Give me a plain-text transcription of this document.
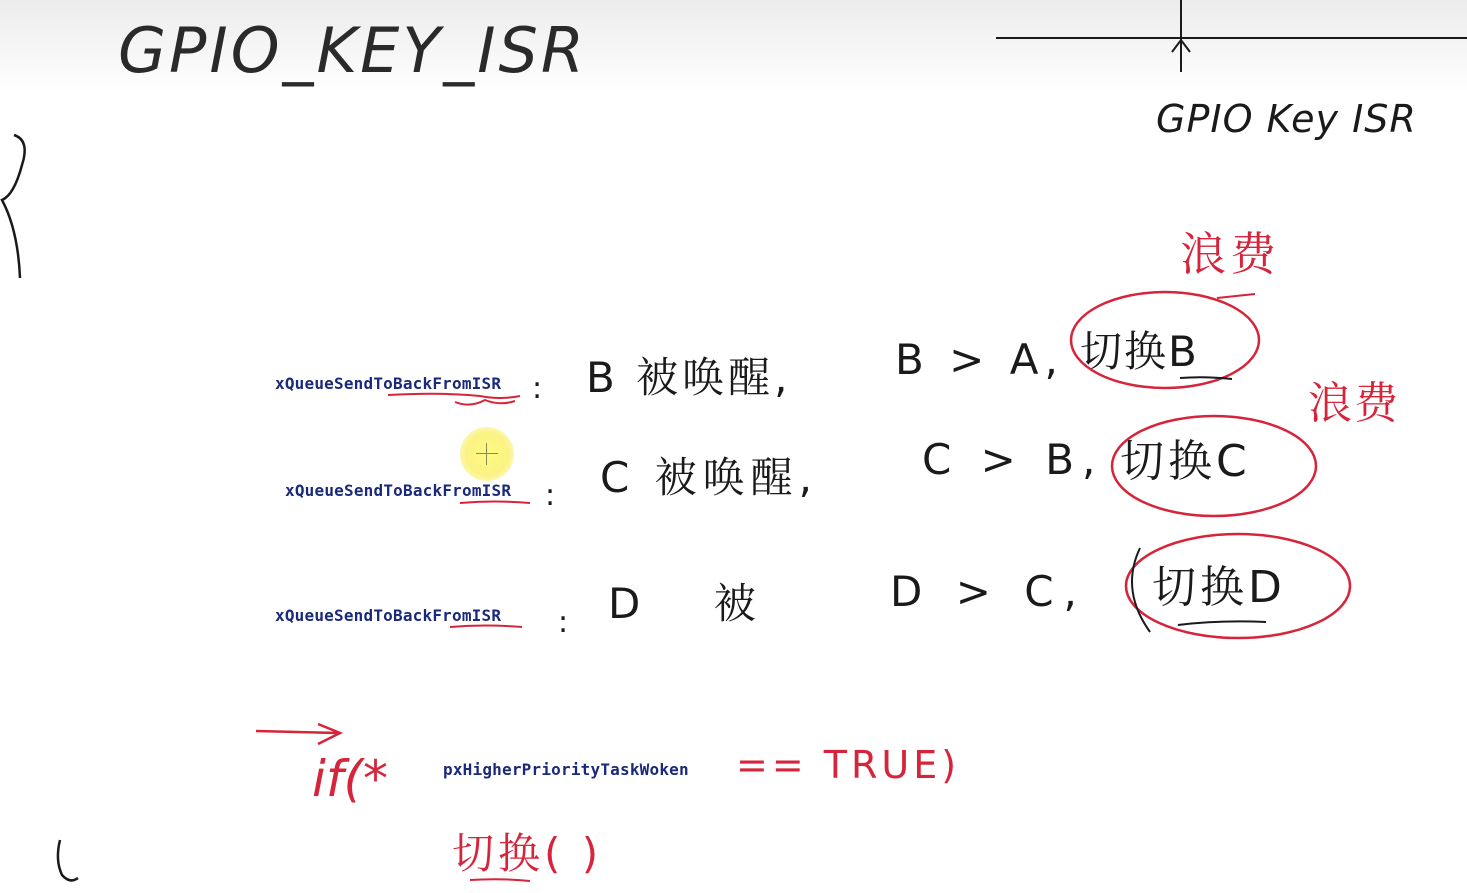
GPIO_KEY_ISR
GPIO Key ISR
: B 被唤醒, B > A, 切换B
浪费
: C 被唤醒, C > B, 切换C
浪费
: D 被 D > C, 切换D
if(*	== TRUE)
切换( )
xQueueSendToBackFromISR
xQueueSendToBackFromISR
xQueueSendToBackFromISR
pxHigherPriorityTaskWoken
